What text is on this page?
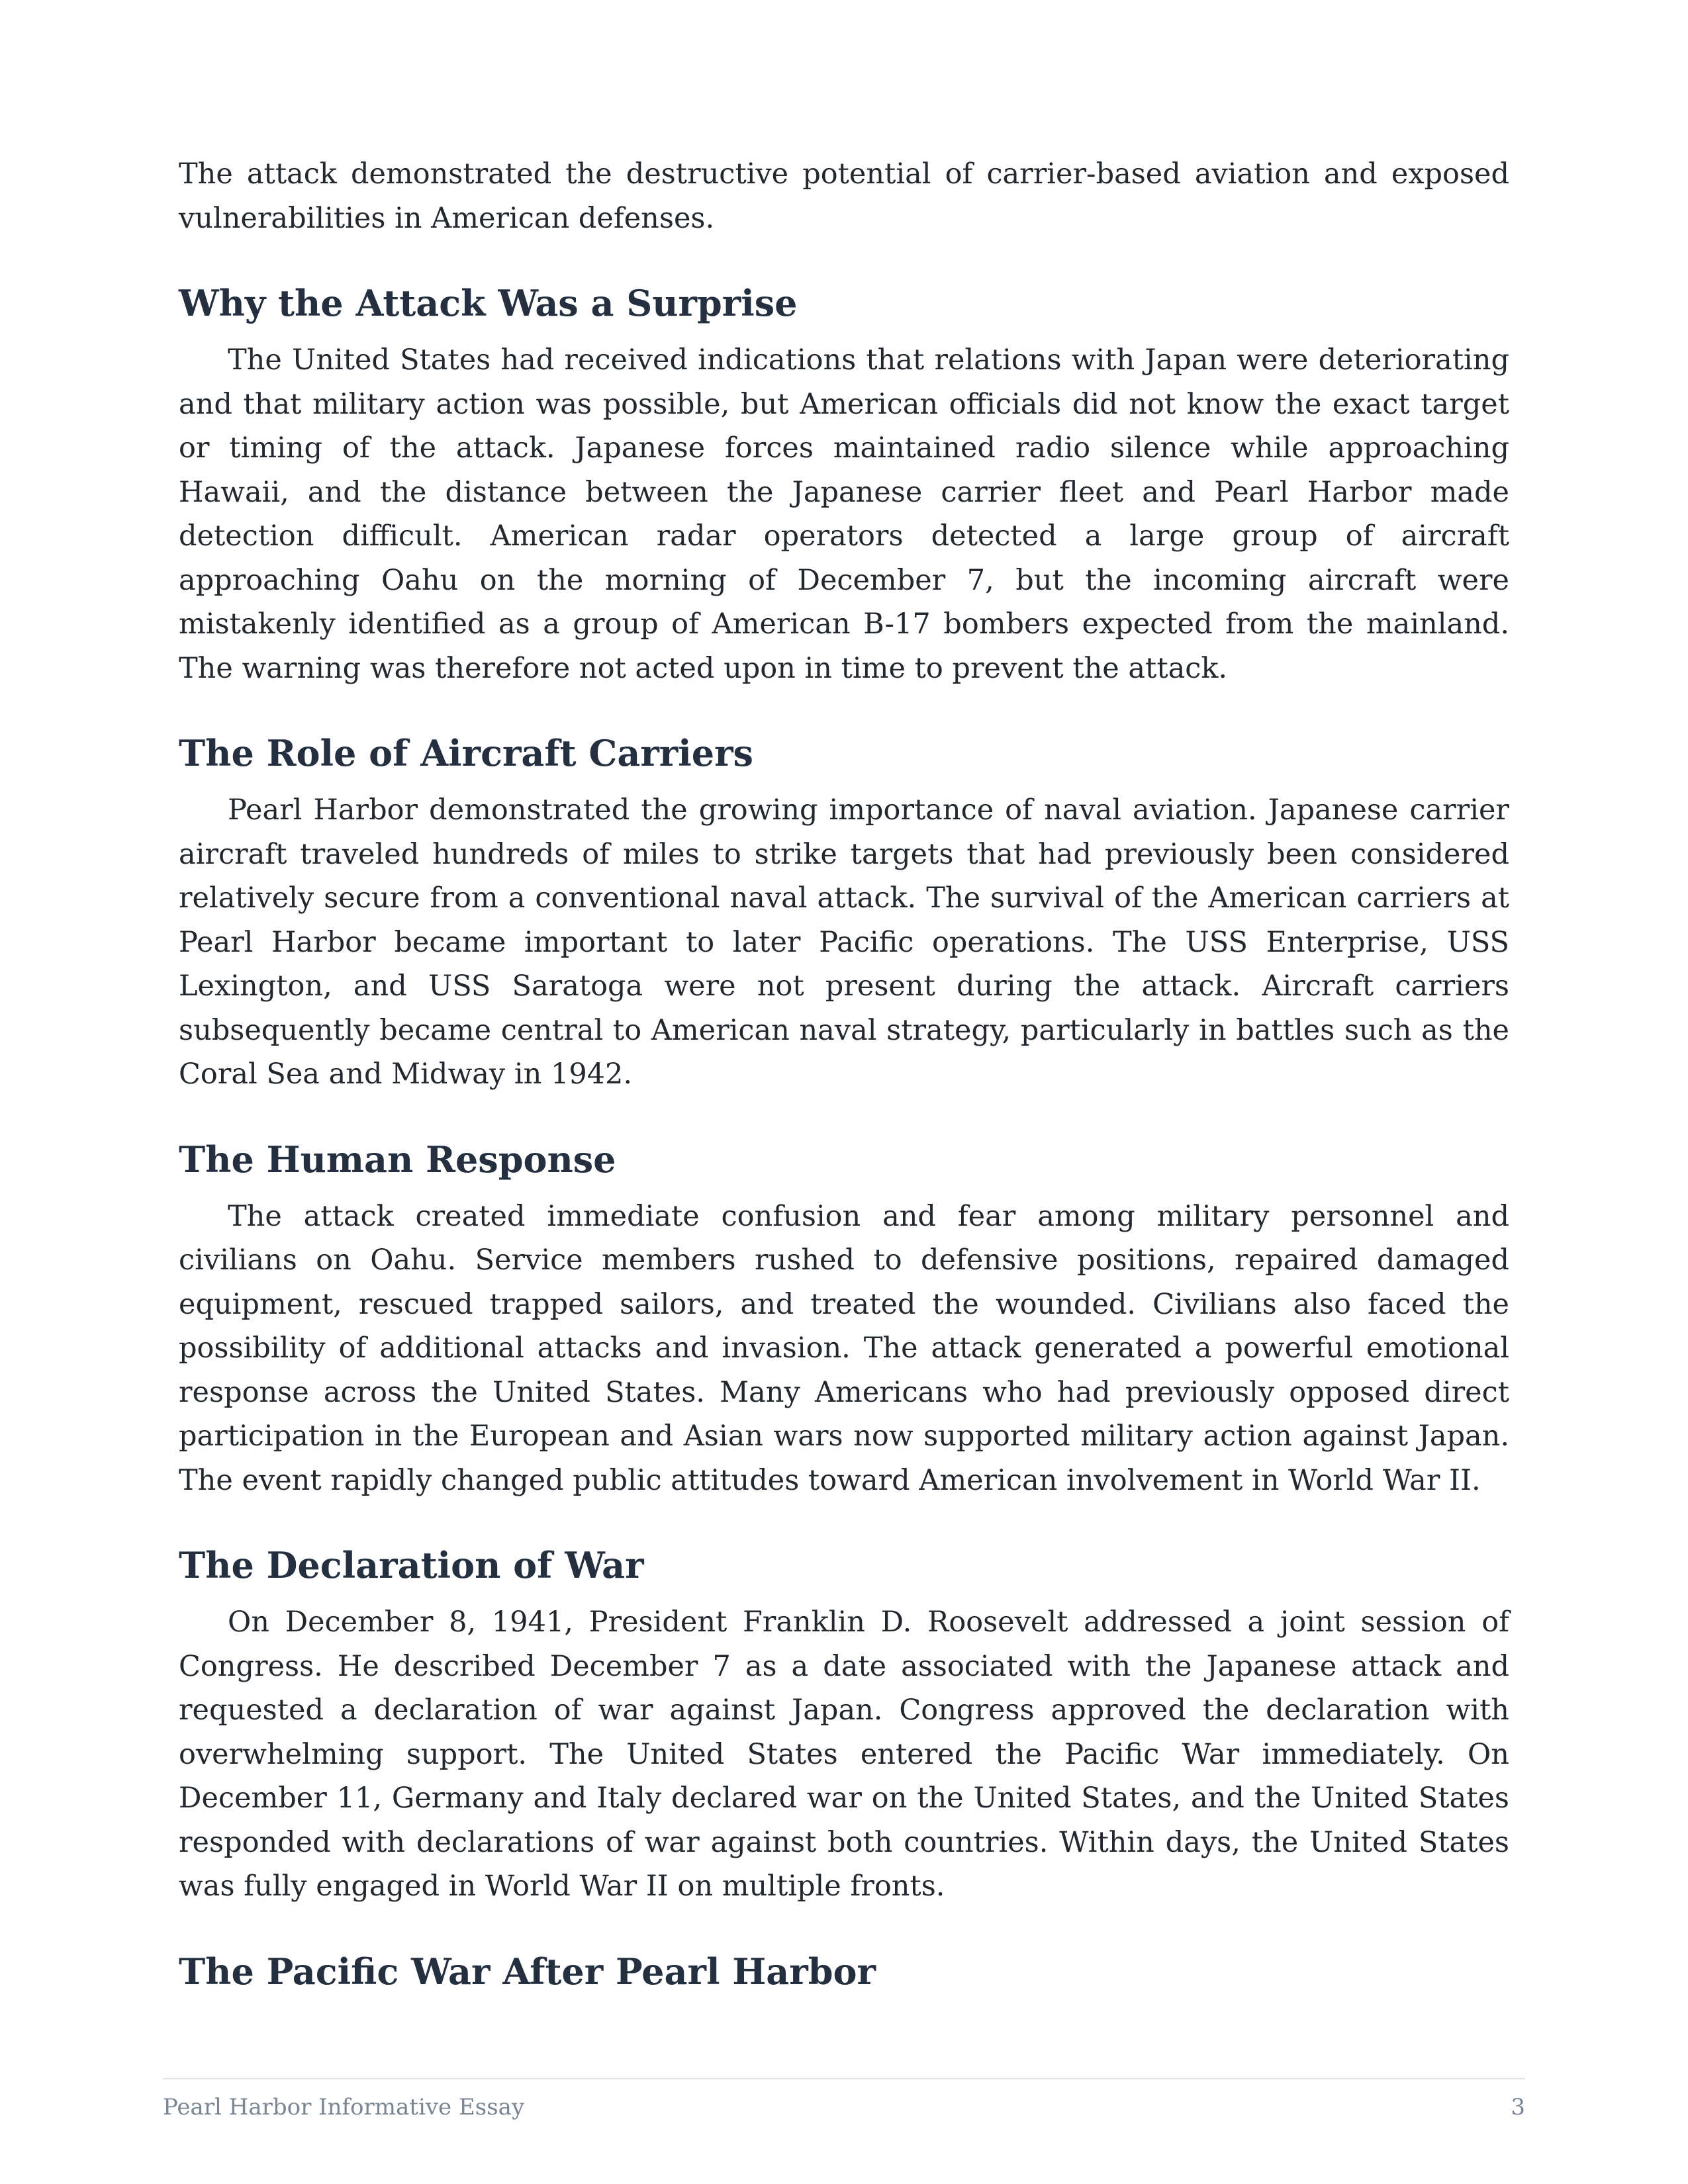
The attack demonstrated the destructive potential of carrier-based aviation and exposed vulnerabilities in American defenses.

Why the Attack Was a Surprise

The United States had received indications that relations with Japan were deteriorating and that military action was possible, but American officials did not know the exact target or timing of the attack. Japanese forces maintained radio silence while approaching Hawaii, and the distance between the Japanese carrier fleet and Pearl Harbor made detection difficult. American radar operators detected a large group of aircraft approaching Oahu on the morning of December 7, but the incoming aircraft were mistakenly identified as a group of American B-17 bombers expected from the mainland. The warning was therefore not acted upon in time to prevent the attack.

The Role of Aircraft Carriers

Pearl Harbor demonstrated the growing importance of naval aviation. Japanese carrier aircraft traveled hundreds of miles to strike targets that had previously been considered relatively secure from a conventional naval attack. The survival of the American carriers at Pearl Harbor became important to later Pacific operations. The USS Enterprise, USS Lexington, and USS Saratoga were not present during the attack. Aircraft carriers subsequently became central to American naval strategy, particularly in battles such as the Coral Sea and Midway in 1942.

The Human Response

The attack created immediate confusion and fear among military personnel and civilians on Oahu. Service members rushed to defensive positions, repaired damaged equipment, rescued trapped sailors, and treated the wounded. Civilians also faced the possibility of additional attacks and invasion. The attack generated a powerful emotional response across the United States. Many Americans who had previously opposed direct participation in the European and Asian wars now supported military action against Japan. The event rapidly changed public attitudes toward American involvement in World War II.

The Declaration of War

On December 8, 1941, President Franklin D. Roosevelt addressed a joint session of Congress. He described December 7 as a date associated with the Japanese attack and requested a declaration of war against Japan. Congress approved the declaration with overwhelming support. The United States entered the Pacific War immediately. On December 11, Germany and Italy declared war on the United States, and the United States responded with declarations of war against both countries. Within days, the United States was fully engaged in World War II on multiple fronts.

The Pacific War After Pearl Harbor
Pearl Harbor Informative Essay	3
